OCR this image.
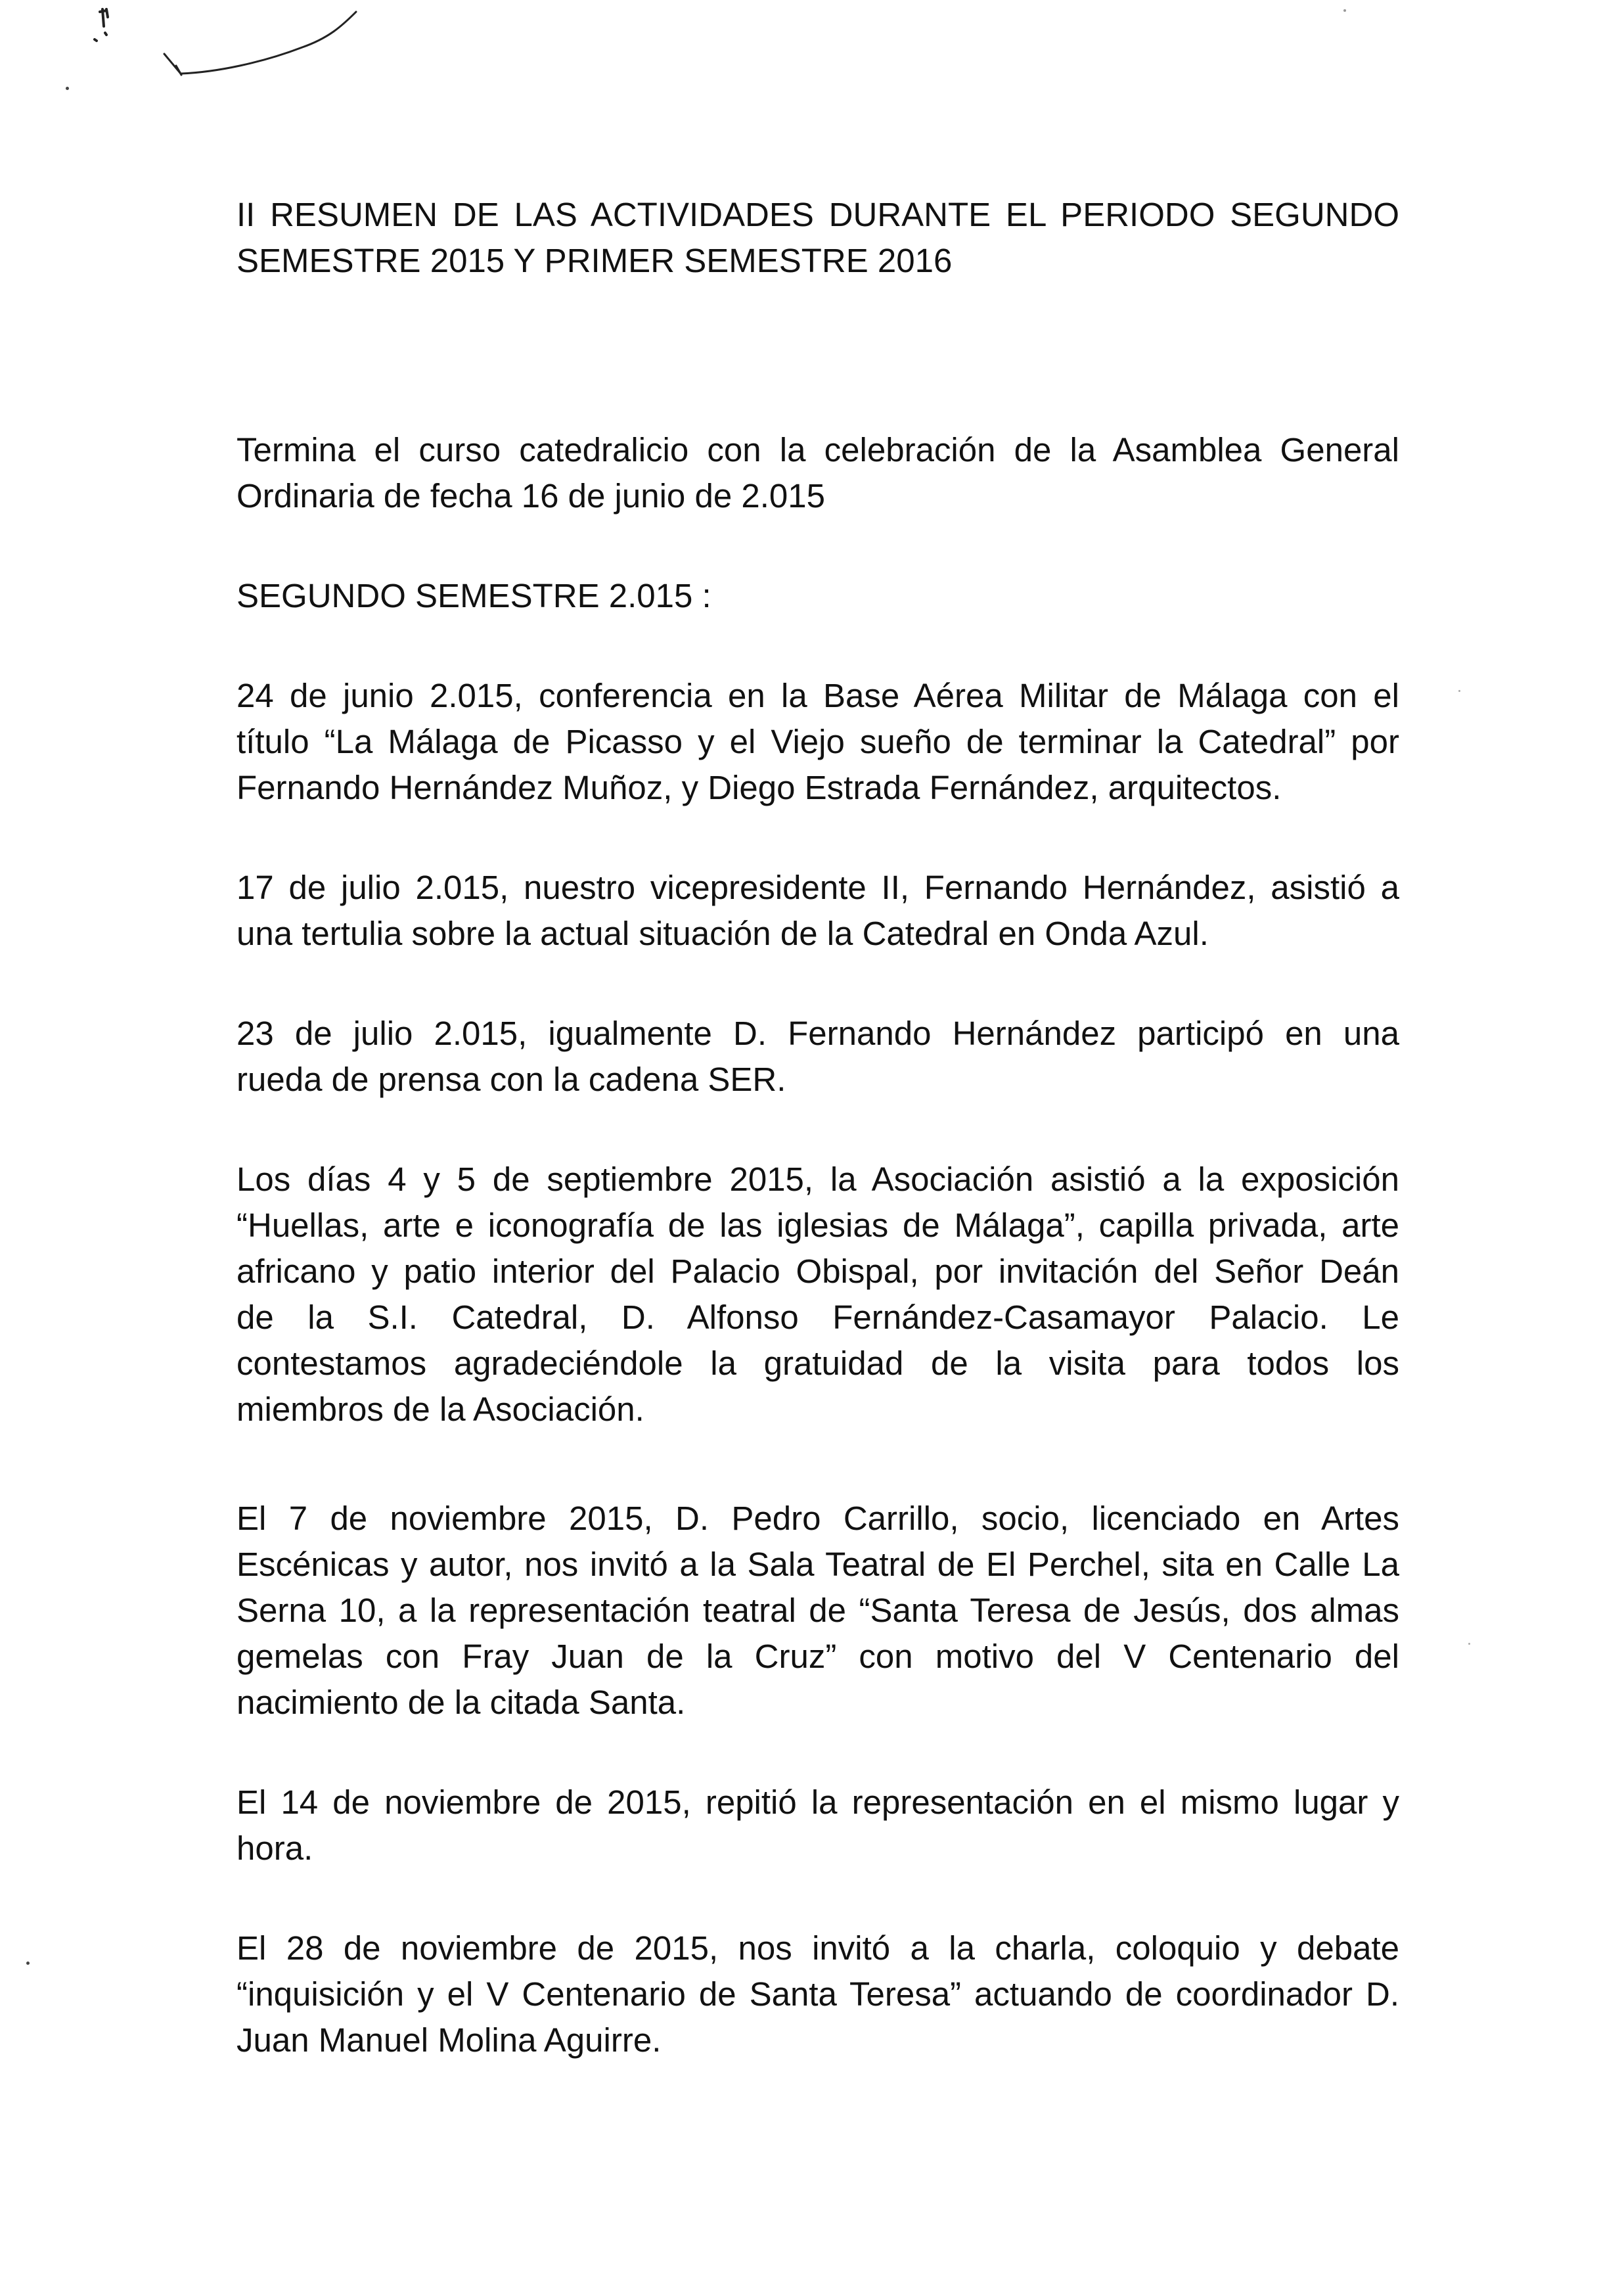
II RESUMEN DE LAS ACTIVIDADES DURANTE EL PERIODO SEGUNDO
SEMESTRE 2015 Y PRIMER SEMESTRE 2016

Termina el curso catedralicio con la celebración de la Asamblea General
Ordinaria de fecha 16 de junio de 2.015

SEGUNDO SEMESTRE 2.015 :

24 de junio 2.015, conferencia en la Base Aérea Militar de Málaga con el
título “La Málaga de Picasso y el Viejo sueño de terminar la Catedral” por
Fernando Hernández Muñoz, y Diego Estrada Fernández, arquitectos.

17 de julio 2.015, nuestro vicepresidente II, Fernando Hernández, asistió a
una tertulia sobre la actual situación de la Catedral en Onda Azul.

23 de julio 2.015, igualmente D. Fernando Hernández participó en una
rueda de prensa con la cadena SER.

Los días 4 y 5 de septiembre 2015, la Asociación asistió a la exposición
“Huellas, arte e iconografía de las iglesias de Málaga”, capilla privada, arte
africano y patio interior del Palacio Obispal, por invitación del Señor Deán
de la S.I. Catedral, D. Alfonso Fernández-Casamayor Palacio. Le
contestamos agradeciéndole la gratuidad de la visita para todos los
miembros de la Asociación.

El 7 de noviembre 2015, D. Pedro Carrillo, socio, licenciado en Artes
Escénicas y autor, nos invitó a la Sala Teatral de El Perchel, sita en Calle La
Serna 10, a la representación teatral de “Santa Teresa de Jesús, dos almas
gemelas con Fray Juan de la Cruz” con motivo del V Centenario del
nacimiento de la citada Santa.

El 14 de noviembre de 2015, repitió la representación en el mismo lugar y
hora.

El 28 de noviembre de 2015, nos invitó a la charla, coloquio y debate
“inquisición y el V Centenario de Santa Teresa” actuando de coordinador D.
Juan Manuel Molina Aguirre.
